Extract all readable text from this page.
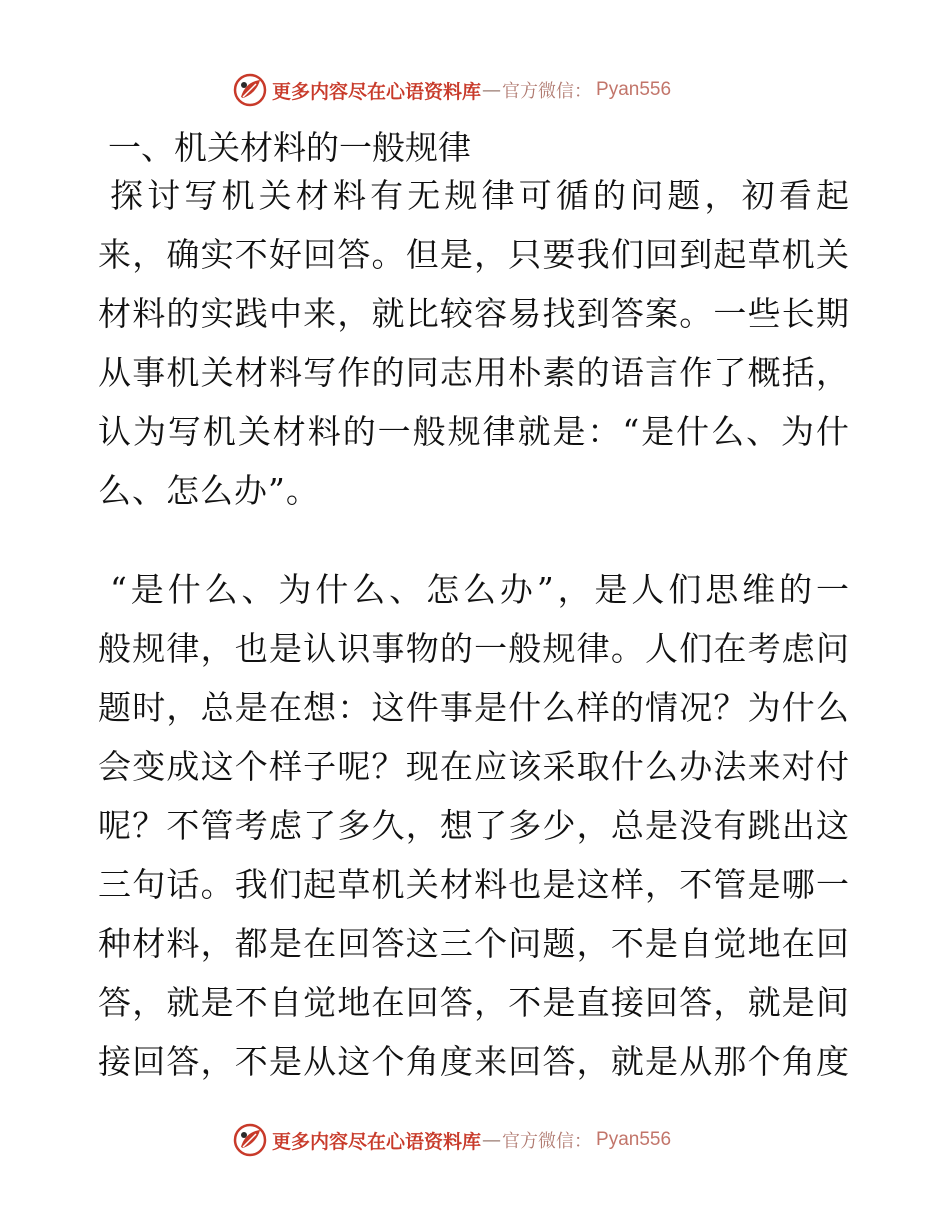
更多内容尽在心语资料库 — 官方微信： Pyan556
一、机关材料的一般规律
探讨写机关材料有无规律可循的问题，初看起
来，确实不好回答。但是，只要我们回到起草机关
材料的实践中来，就比较容易找到答案。一些长期
从事机关材料写作的同志用朴素的语言作了概括，
认为写机关材料的一般规律就是：“是什么、为什
么、怎么办”。
“是什么、为什么、怎么办”，是人们思维的一
般规律，也是认识事物的一般规律。人们在考虑问
题时，总是在想：这件事是什么样的情况？为什么
会变成这个样子呢？现在应该采取什么办法来对付
呢？不管考虑了多久，想了多少，总是没有跳出这
三句话。我们起草机关材料也是这样，不管是哪一
种材料，都是在回答这三个问题，不是自觉地在回
答，就是不自觉地在回答，不是直接回答，就是间
接回答，不是从这个角度来回答，就是从那个角度
更多内容尽在心语资料库 — 官方微信： Pyan556
